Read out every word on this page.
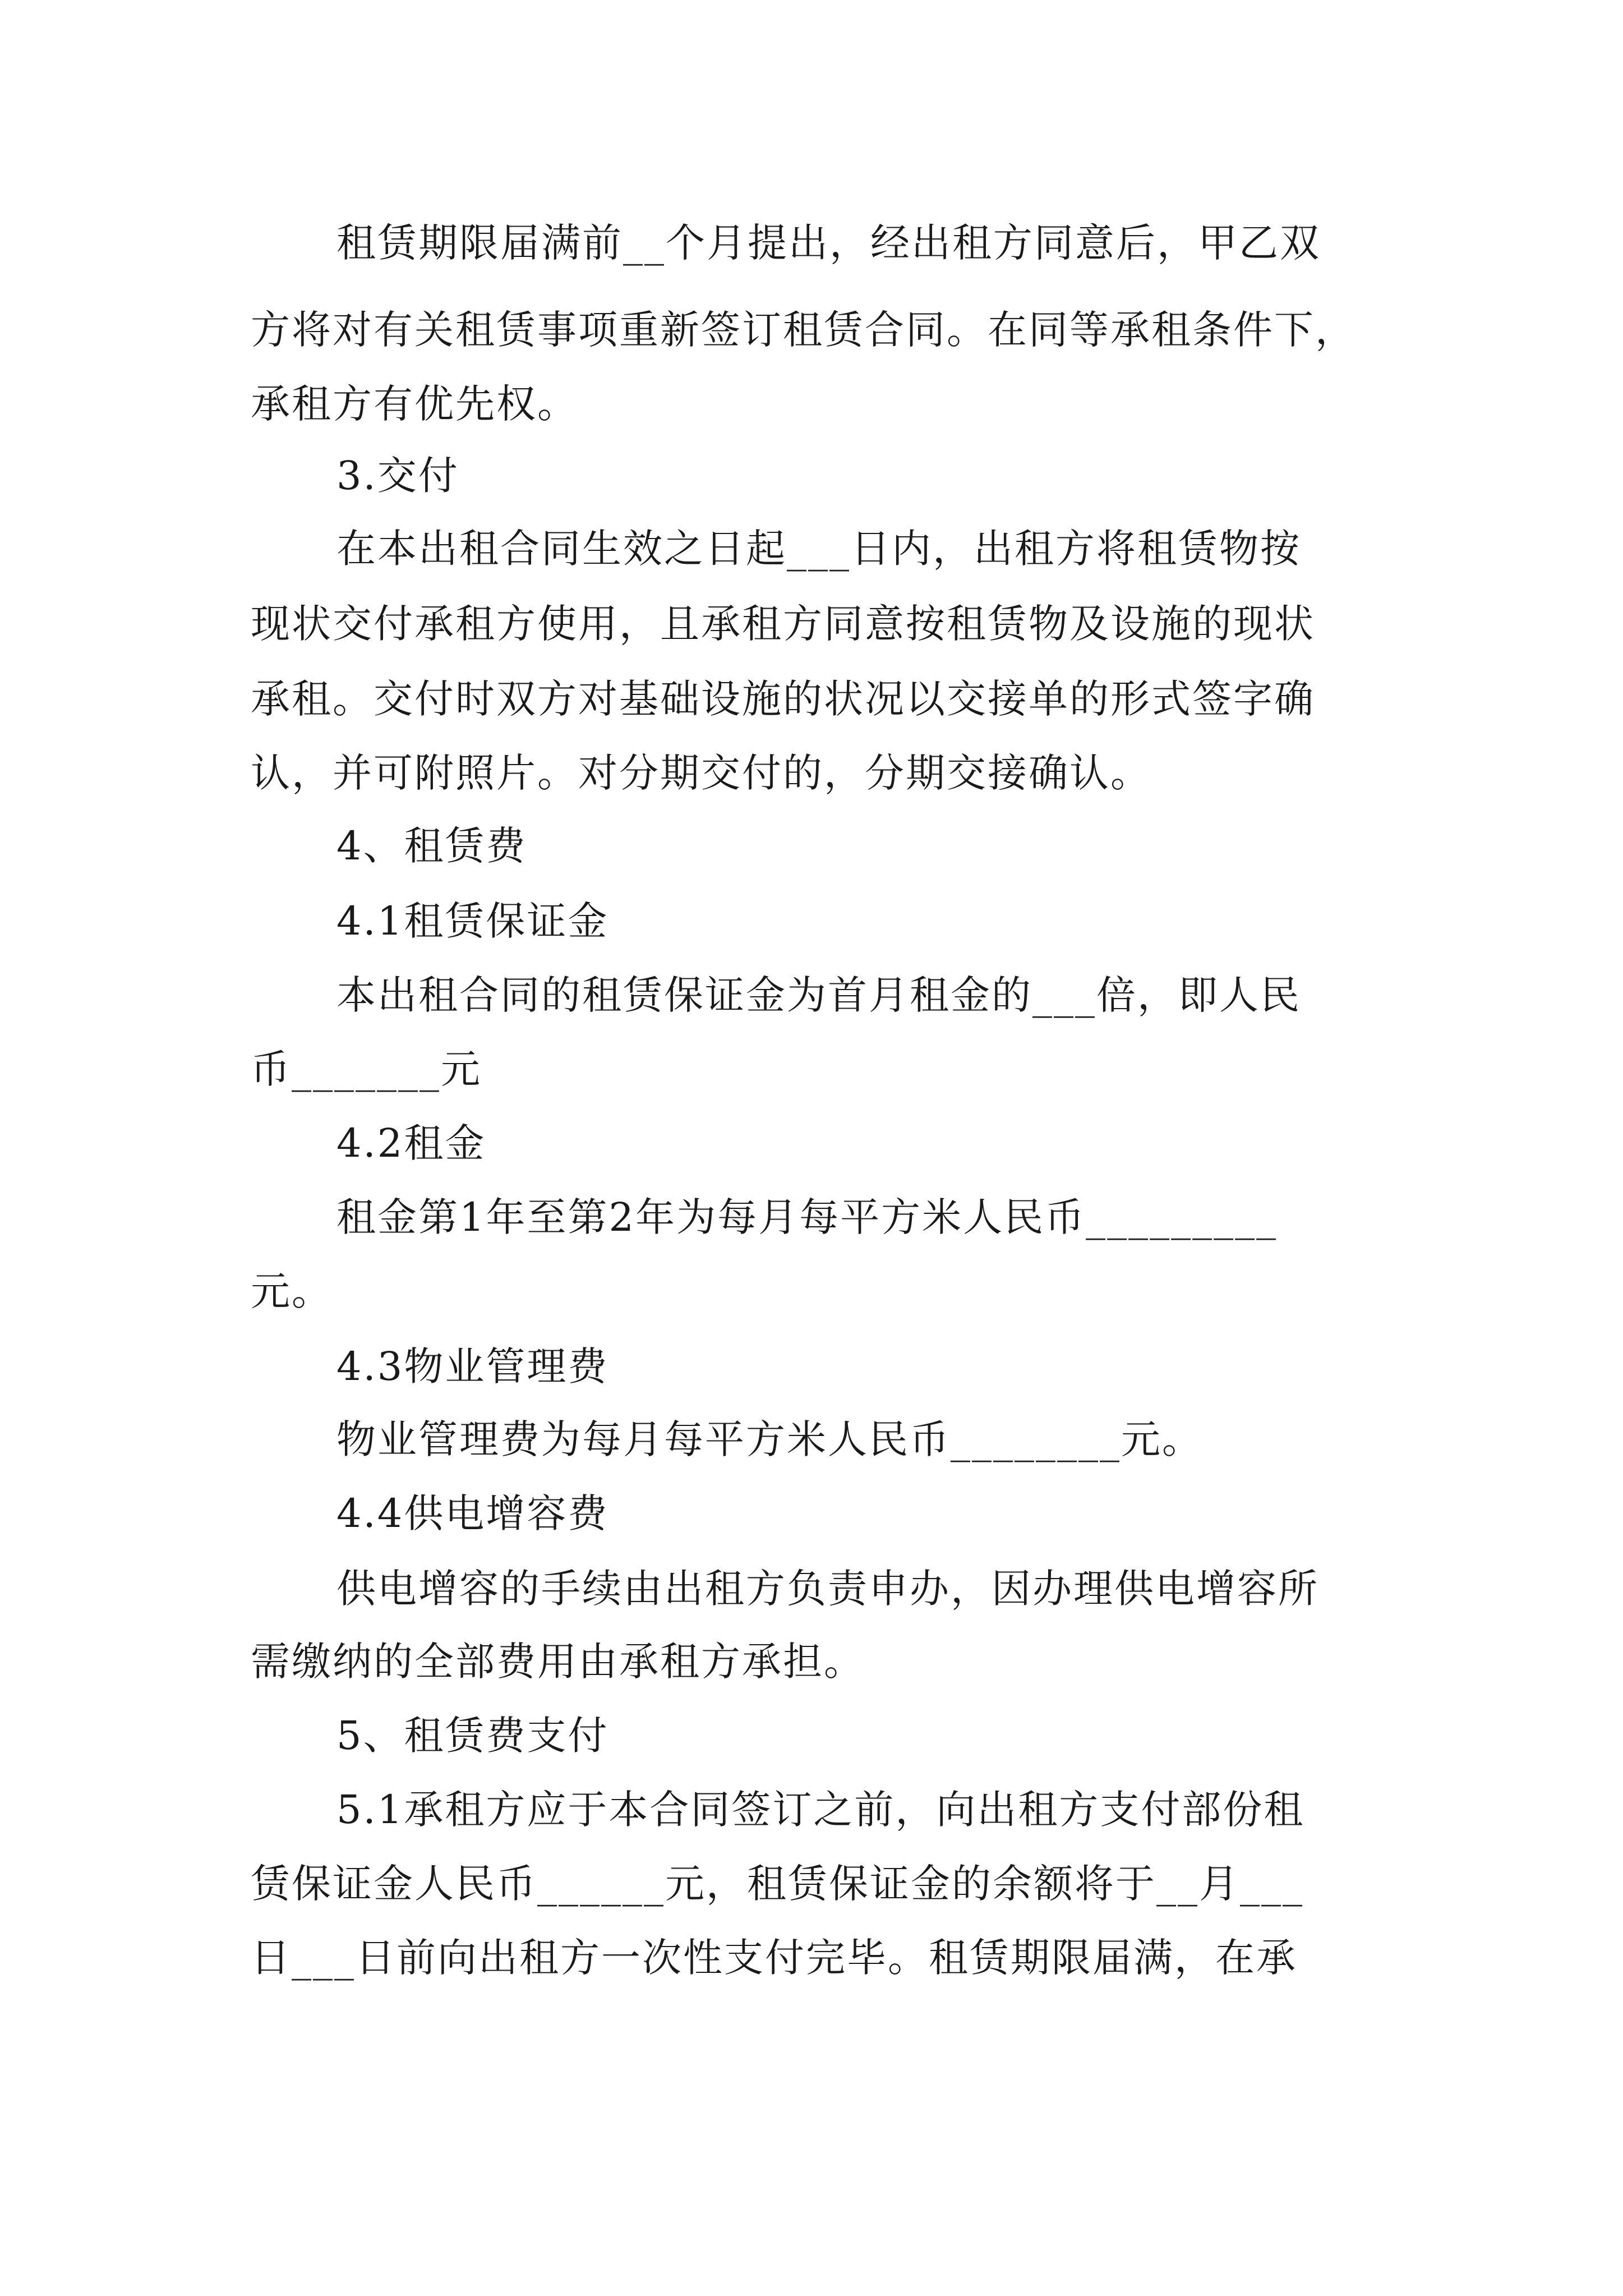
租赁期限届满前__个月提出，经出租方同意后，甲乙双
方将对有关租赁事项重新签订租赁合同。在同等承租条件下，
承租方有优先权。
3.交付
在本出租合同生效之日起___日内，出租方将租赁物按
现状交付承租方使用，且承租方同意按租赁物及设施的现状
承租。交付时双方对基础设施的状况以交接单的形式签字确
认，并可附照片。对分期交付的，分期交接确认。
4、租赁费
4.1租赁保证金
本出租合同的租赁保证金为首月租金的___倍，即人民
币_______元
4.2租金
租金第1年至第2年为每月每平方米人民币_________
元。
4.3物业管理费
物业管理费为每月每平方米人民币________元。
4.4供电增容费
供电增容的手续由出租方负责申办，因办理供电增容所
需缴纳的全部费用由承租方承担。
5、租赁费支付
5.1承租方应于本合同签订之前，向出租方支付部份租
赁保证金人民币______元，租赁保证金的余额将于__月___
日___日前向出租方一次性支付完毕。租赁期限届满，在承
